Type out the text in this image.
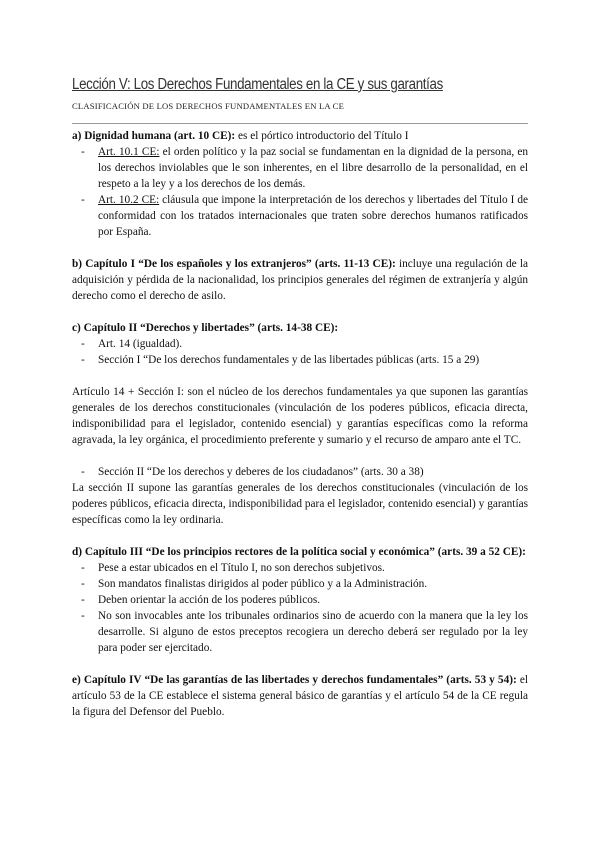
Lección V: Los Derechos Fundamentales en la CE y sus garantías
CLASIFICACIÓN DE LOS DERECHOS FUNDAMENTALES EN LA CE

a) Dignidad humana (art. 10 CE): es el pórtico introductorio del Título I

- Art. 10.1 CE: el orden político y la paz social se fundamentan en la dignidad de la persona, en los derechos inviolables que le son inherentes, en el libre desarrollo de la personalidad, en el respeto a la ley y a los derechos de los demás.
- Art. 10.2 CE: cláusula que impone la interpretación de los derechos y libertades del Título I de conformidad con los tratados internacionales que traten sobre derechos humanos ratificados por España.

b) Capítulo I “De los españoles y los extranjeros” (arts. 11-13 CE): incluye una regulación de la adquisición y pérdida de la nacionalidad, los principios generales del régimen de extranjería y algún derecho como el derecho de asilo.

c) Capítulo II “Derechos y libertades” (arts. 14-38 CE):

- Art. 14 (igualdad).
- Sección I “De los derechos fundamentales y de las libertades públicas (arts. 15 a 29)

Artículo 14 + Sección I: son el núcleo de los derechos fundamentales ya que suponen las garantías generales de los derechos constitucionales (vinculación de los poderes públicos, eficacia directa, indisponibilidad para el legislador, contenido esencial) y garantías específicas como la reforma agravada, la ley orgánica, el procedimiento preferente y sumario y el recurso de amparo ante el TC.

- Sección II “De los derechos y deberes de los ciudadanos” (arts. 30 a 38)

La sección II supone las garantías generales de los derechos constitucionales (vinculación de los poderes públicos, eficacia directa, indisponibilidad para el legislador, contenido esencial) y garantías específicas como la ley ordinaria.

d) Capítulo III “De los principios rectores de la política social y económica” (arts. 39 a 52 CE):

- Pese a estar ubicados en el Título I, no son derechos subjetivos.
- Son mandatos finalistas dirigidos al poder público y a la Administración.
- Deben orientar la acción de los poderes públicos.
- No son invocables ante los tribunales ordinarios sino de acuerdo con la manera que la ley los desarrolle. Si alguno de estos preceptos recogiera un derecho deberá ser regulado por la ley para poder ser ejercitado.

e) Capítulo IV “De las garantías de las libertades y derechos fundamentales” (arts. 53 y 54): el artículo 53 de la CE establece el sistema general básico de garantías y el artículo 54 de la CE regula la figura del Defensor del Pueblo.
